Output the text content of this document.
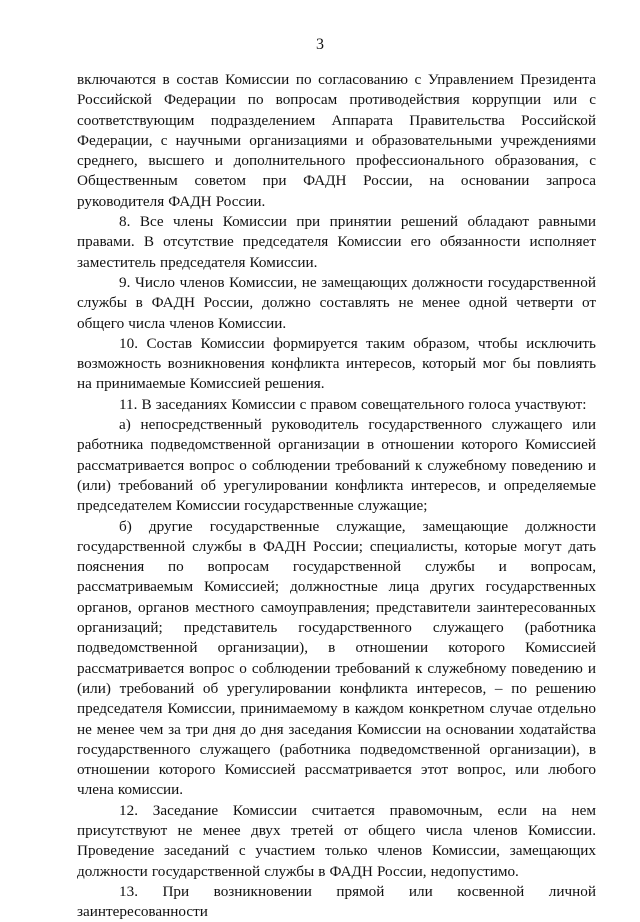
3

включаются в состав Комиссии по согласованию с Управлением Президента Российской Федерации по вопросам противодействия коррупции или с соответствующим подразделением Аппарата Правительства Российской Федерации, с научными организациями и образовательными учреждениями среднего, высшего и дополнительного профессионального образования, с Общественным советом при ФАДН России, на основании запроса руководителя ФАДН России.

8. Все члены Комиссии при принятии решений обладают равными правами. В отсутствие председателя Комиссии его обязанности исполняет заместитель председателя Комиссии.

9. Число членов Комиссии, не замещающих должности государственной службы в ФАДН России, должно составлять не менее одной четверти от общего числа членов Комиссии.

10. Состав Комиссии формируется таким образом, чтобы исключить возможность возникновения конфликта интересов, который мог бы повлиять на принимаемые Комиссией решения.

11. В заседаниях Комиссии с правом совещательного голоса участвуют:

а) непосредственный руководитель государственного служащего или работника подведомственной организации в отношении которого Комиссией рассматривается вопрос о соблюдении требований к служебному поведению и (или) требований об урегулировании конфликта интересов, и определяемые председателем Комиссии государственные служащие;

б) другие государственные служащие, замещающие должности государственной службы в ФАДН России; специалисты, которые могут дать пояснения по вопросам государственной службы и вопросам, рассматриваемым Комиссией; должностные лица других государственных органов, органов местного самоуправления; представители заинтересованных организаций; представитель государственного служащего (работника подведомственной организации), в отношении которого Комиссией рассматривается вопрос о соблюдении требований к служебному поведению и (или) требований об урегулировании конфликта интересов, – по решению председателя Комиссии, принимаемому в каждом конкретном случае отдельно не менее чем за три дня до дня заседания Комиссии на основании ходатайства государственного служащего (работника подведомственной организации), в отношении которого Комиссией рассматривается этот вопрос, или любого члена комиссии.

12. Заседание Комиссии считается правомочным, если на нем присутствуют не менее двух третей от общего числа членов Комиссии. Проведение заседаний с участием только членов Комиссии, замещающих должности государственной службы в ФАДН России, недопустимо.

13. При возникновении прямой или косвенной личной заинтересованности
